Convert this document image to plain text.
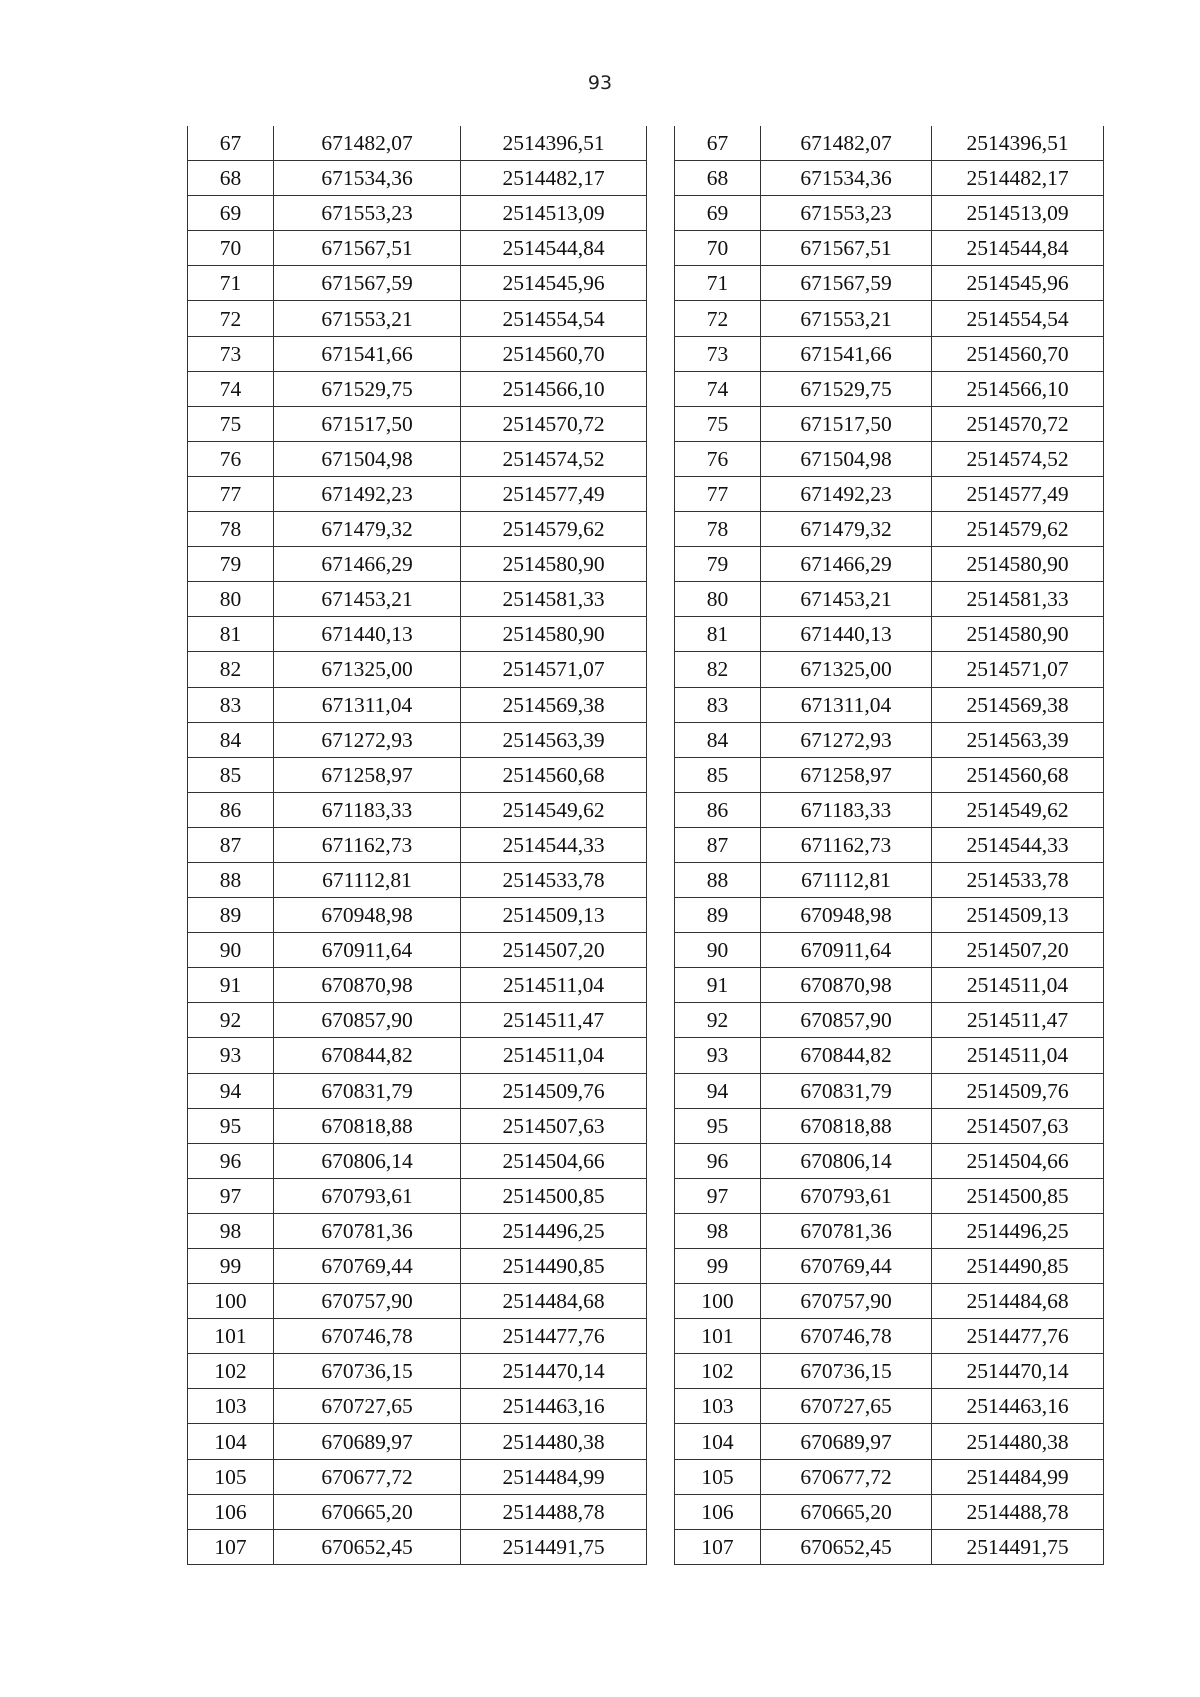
93
67	671482,07	2514396,51
68	671534,36	2514482,17
69	671553,23	2514513,09
70	671567,51	2514544,84
71	671567,59	2514545,96
72	671553,21	2514554,54
73	671541,66	2514560,70
74	671529,75	2514566,10
75	671517,50	2514570,72
76	671504,98	2514574,52
77	671492,23	2514577,49
78	671479,32	2514579,62
79	671466,29	2514580,90
80	671453,21	2514581,33
81	671440,13	2514580,90
82	671325,00	2514571,07
83	671311,04	2514569,38
84	671272,93	2514563,39
85	671258,97	2514560,68
86	671183,33	2514549,62
87	671162,73	2514544,33
88	671112,81	2514533,78
89	670948,98	2514509,13
90	670911,64	2514507,20
91	670870,98	2514511,04
92	670857,90	2514511,47
93	670844,82	2514511,04
94	670831,79	2514509,76
95	670818,88	2514507,63
96	670806,14	2514504,66
97	670793,61	2514500,85
98	670781,36	2514496,25
99	670769,44	2514490,85
100	670757,90	2514484,68
101	670746,78	2514477,76
102	670736,15	2514470,14
103	670727,65	2514463,16
104	670689,97	2514480,38
105	670677,72	2514484,99
106	670665,20	2514488,78
107	670652,45	2514491,75
67	671482,07	2514396,51
68	671534,36	2514482,17
69	671553,23	2514513,09
70	671567,51	2514544,84
71	671567,59	2514545,96
72	671553,21	2514554,54
73	671541,66	2514560,70
74	671529,75	2514566,10
75	671517,50	2514570,72
76	671504,98	2514574,52
77	671492,23	2514577,49
78	671479,32	2514579,62
79	671466,29	2514580,90
80	671453,21	2514581,33
81	671440,13	2514580,90
82	671325,00	2514571,07
83	671311,04	2514569,38
84	671272,93	2514563,39
85	671258,97	2514560,68
86	671183,33	2514549,62
87	671162,73	2514544,33
88	671112,81	2514533,78
89	670948,98	2514509,13
90	670911,64	2514507,20
91	670870,98	2514511,04
92	670857,90	2514511,47
93	670844,82	2514511,04
94	670831,79	2514509,76
95	670818,88	2514507,63
96	670806,14	2514504,66
97	670793,61	2514500,85
98	670781,36	2514496,25
99	670769,44	2514490,85
100	670757,90	2514484,68
101	670746,78	2514477,76
102	670736,15	2514470,14
103	670727,65	2514463,16
104	670689,97	2514480,38
105	670677,72	2514484,99
106	670665,20	2514488,78
107	670652,45	2514491,75
